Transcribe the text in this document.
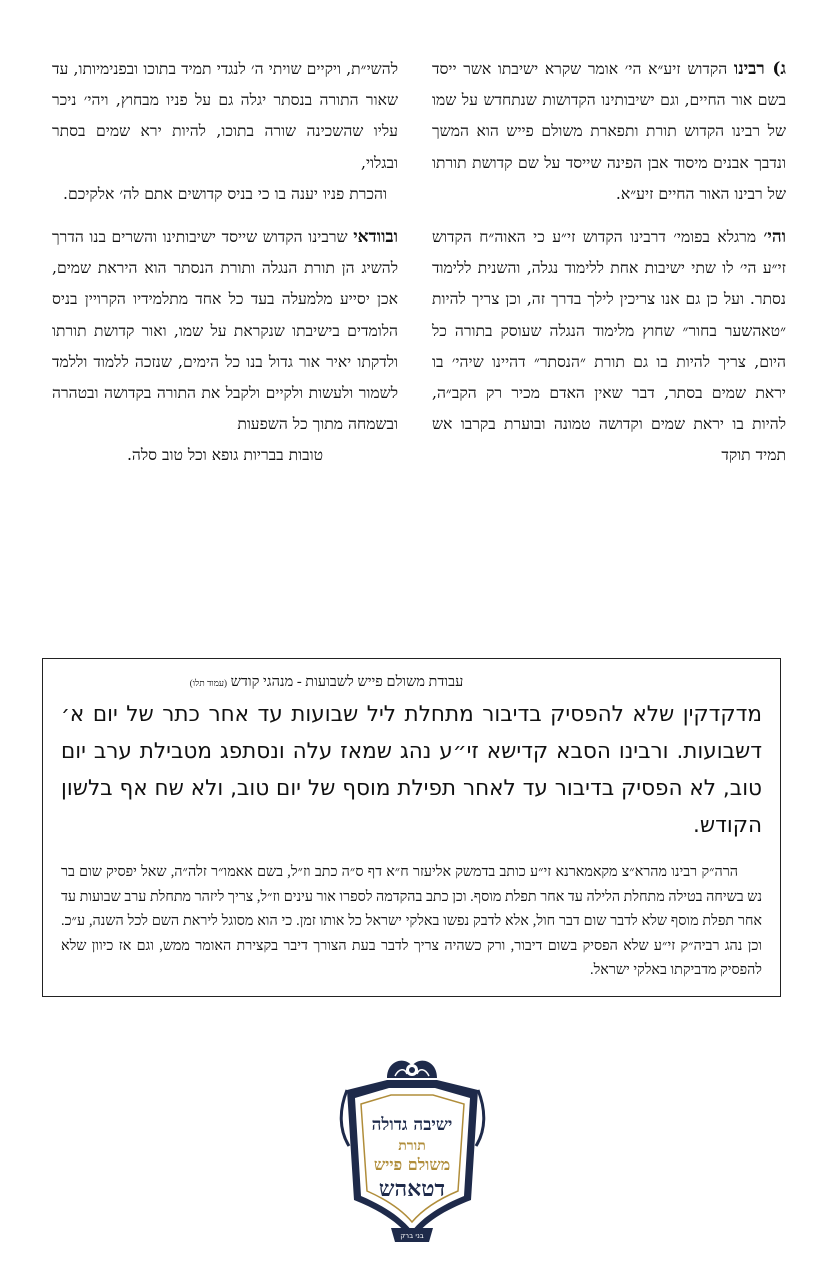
ג) רבינו הקדוש זיע״א הי׳ אומר שקרא ישיבתו אשר ייסד בשם אור החיים, וגם ישיבותינו הקדושות שנתחדש על שמו של רבינו הקדוש תורת ותפארת משולם פייש הוא המשך ונדבך אבנים מיסוד אבן הפינה שייסד על שם קדושת תורתו של רבינו האור החיים זיע״א.

והי׳ מרגלא בפומי׳ דרבינו הקדוש זי״ע כי האוה״ח הקדוש זי״ע הי׳ לו שתי ישיבות אחת ללימוד נגלה, והשנית ללימוד נסתר. ועל כן גם אנו צריכין לילך בדרך זה, וכן צריך להיות ״טאהשער בחור״ שחוץ מלימוד הנגלה שעוסק בתורה כל היום, צריך להיות בו גם תורת ״הנסתר״ דהיינו שיהי׳ בו יראת שמים בסתר, דבר שאין האדם מכיר רק הקב״ה, להיות בו יראת שמים וקדושה טמונה ובוערת בקרבו אש תמיד תוקד

להשי״ת, ויקיים שויתי ה׳ לנגדי תמיד בתוכו ובפנימיותו, עד שאור התורה בנסתר יגלה גם על פניו מבחוץ, ויהי׳ ניכר עליו שהשכינה שורה בתוכו, להיות ירא שמים בסתר ובגלוי,

והכרת פניו יענה בו כי בניס קדושים אתם לה׳ אלקיכם.

ובוודאי שרבינו הקדוש שייסד ישיבותינו והשרים בנו הדרך להשיג הן תורת הנגלה ותורת הנסתר הוא היראת שמים, אכן יסייע מלמעלה בעד כל אחד מתלמידיו הקרויין בניס הלומדים בישיבתו שנקראת על שמו, ואור קדושת תורתו ולדקתו יאיר אור גדול בנו כל הימים, שנזכה ללמוד וללמד לשמור ולעשות ולקיים ולקבל את התורה בקדושה ובטהרה ובשמחה מתוך כל השפעות

טובות בבריות גופא וכל טוב סלה.

עבודת משולם פייש לשבועות - מנהגי קודש (עמוד תלו)
מדקדקין שלא להפסיק בדיבור מתחלת ליל שבועות עד אחר כתר של יום א׳ דשבועות. ורבינו הסבא קדישא זי״ע נהג שמאז עלה ונסתפג מטבילת ערב יום טוב, לא הפסיק בדיבור עד לאחר תפילת מוסף של יום טוב, ולא שח אף בלשון הקודש.
הרה״ק רבינו מהרא״צ מקאמארנא זי״ע כותב בדמשק אליעזר ח״א דף ס״ה כתב וז״ל, בשם אאמו״ר זלה״ה, שאל יפסיק שום בר נש בשיחה בטילה מתחלת הלילה עד אחר תפלת מוסף. וכן כתב בהקדמה לספרו אור עינים וז״ל, צריך ליזהר מתחלת ערב שבועות עד אחר תפלת מוסף שלא לדבר שום דבר חול, אלא לדבק נפשו באלקי ישראל כל אותו זמן. כי הוא מסוגל ליראת השם לכל השנה, ע״כ. וכן נהג רביה״ק זי״ע שלא הפסיק בשום דיבור, ורק כשהיה צריך לדבר בעת הצורך דיבר בקצירת האומר ממש, וגם אז כיוון שלא להפסיק מדביקתו באלקי ישראל.
בני ברק
ישיבה גדולה
תורת
משולם פייש
דטאהש
